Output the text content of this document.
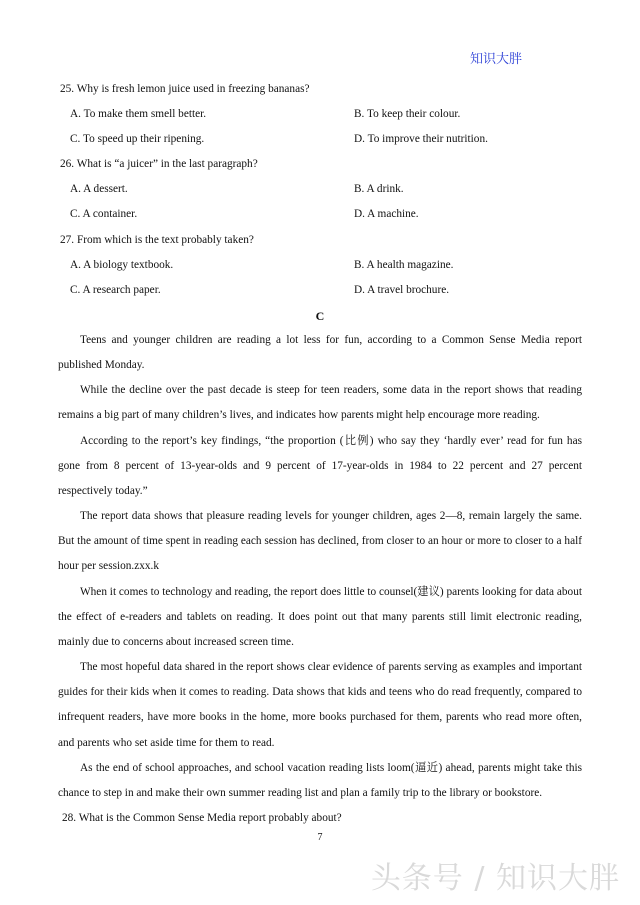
知识大胖
25. Why is fresh lemon juice used in freezing bananas?
A. To make them smell better.	B. To keep their colour.
C. To speed up their ripening.	D. To improve their nutrition.
26. What is “a juicer” in the last paragraph?
A. A dessert.	B. A drink.
C. A container.	D. A machine.
27. From which is the text probably taken?
A. A biology textbook.	B. A health magazine.
C. A research paper.	D. A travel brochure.
C
Teens and younger children are reading a lot less for fun, according to a Common Sense Media report published Monday.
While the decline over the past decade is steep for teen readers, some data in the report shows that reading remains a big part of many children’s lives, and indicates how parents might help encourage more reading.
According to the report’s key findings, “the proportion (比例) who say they ‘hardly ever’ read for fun has gone from 8 percent of 13-year-olds and 9 percent of 17-year-olds in 1984 to 22 percent and 27 percent respectively today.”
The report data shows that pleasure reading levels for younger children, ages 2—8, remain largely the same. But the amount of time spent in reading each session has declined, from closer to an hour or more to closer to a half hour per session.zxx.k
When it comes to technology and reading, the report does little to counsel(建议) parents looking for data about the effect of e-readers and tablets on reading. It does point out that many parents still limit electronic reading, mainly due to concerns about increased screen time.
The most hopeful data shared in the report shows clear evidence of parents serving as examples and important guides for their kids when it comes to reading. Data shows that kids and teens who do read frequently, compared to infrequent readers, have more books in the home, more books purchased for them, parents who read more often, and parents who set aside time for them to read.
As the end of school approaches, and school vacation reading lists loom(逼近) ahead, parents might take this chance to step in and make their own summer reading list and plan a family trip to the library or bookstore.
28. What is the Common Sense Media report probably about?
7
头条号 / 知识大胖
